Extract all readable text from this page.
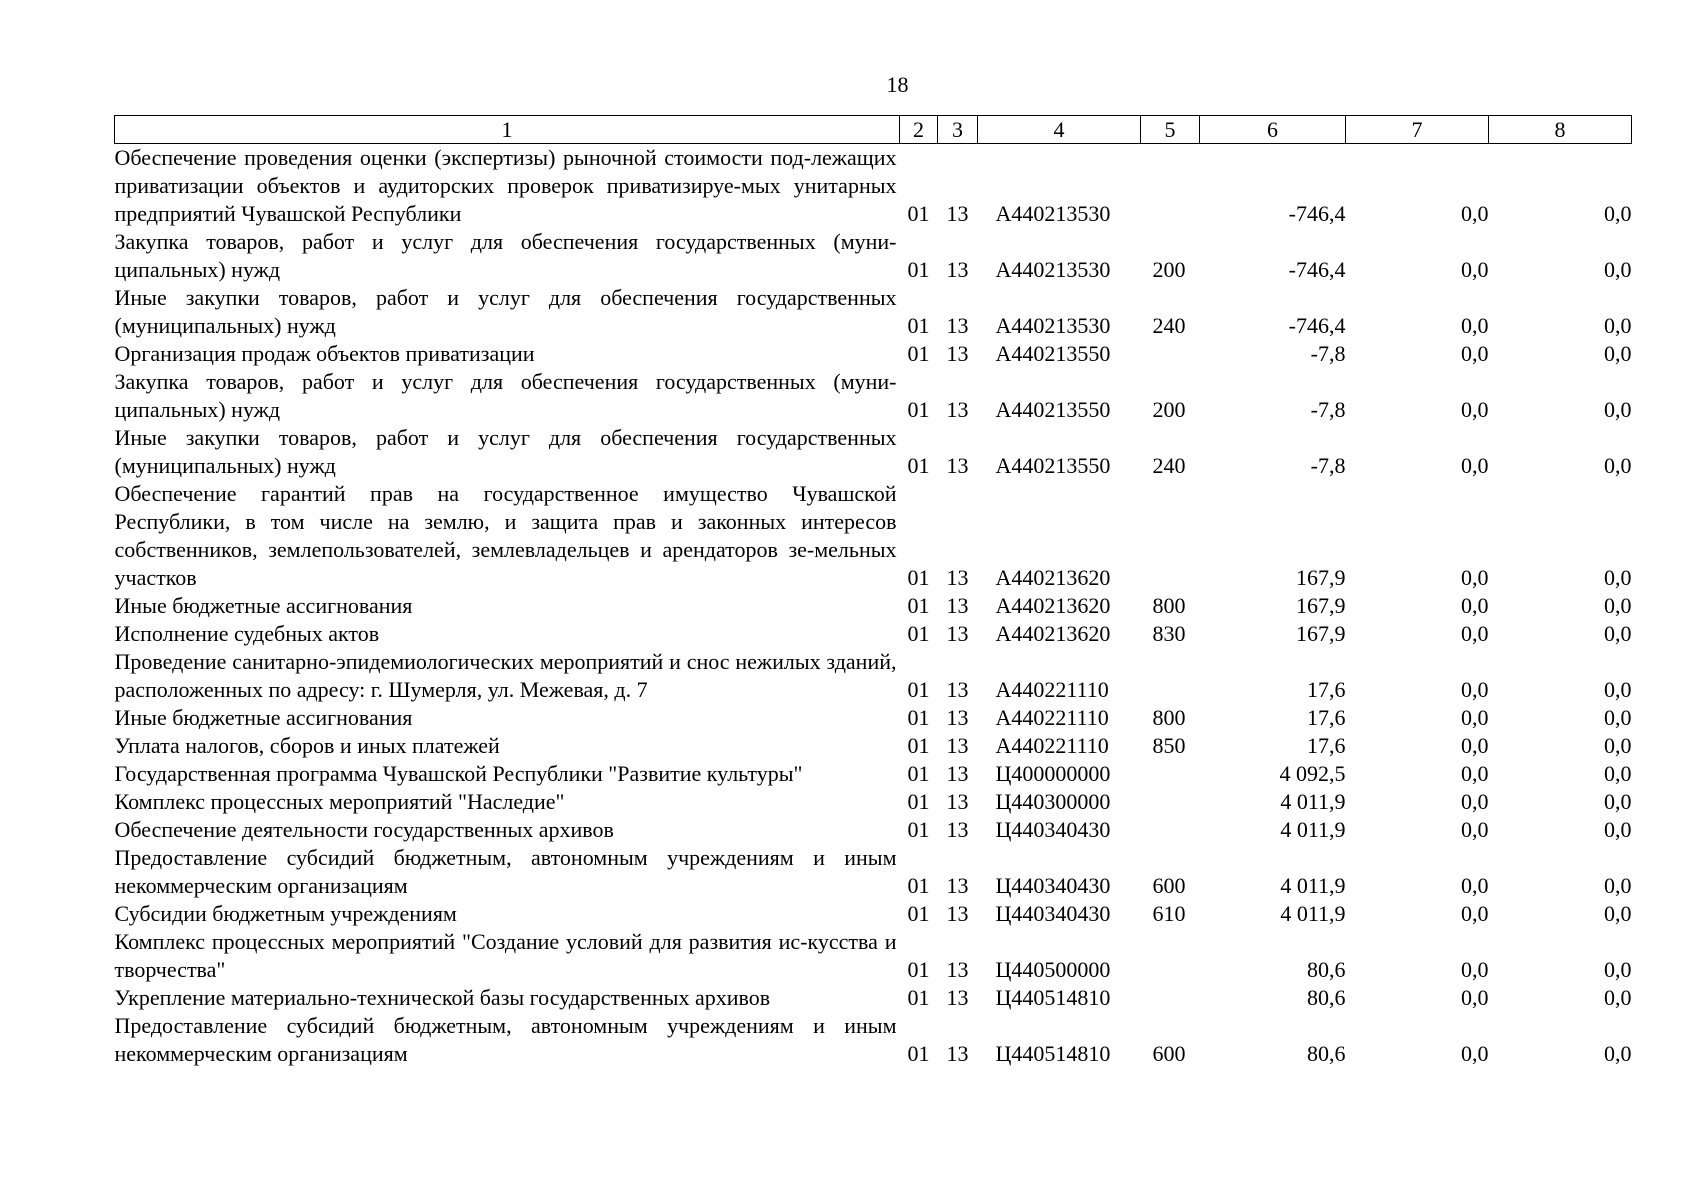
18
1	2	3	4	5	6	7	8
Обеспечение проведения оценки (экспертизы) рыночной стоимости под-лежащих приватизации объектов и аудиторских проверок приватизируе-мых унитарных предприятий Чувашской Республики	01	13	А440213530		-746,4	0,0	0,0
Закупка товаров, работ и услуг для обеспечения государственных (муни-ципальных) нужд	01	13	А440213530	200	-746,4	0,0	0,0
Иные закупки товаров, работ и услуг для обеспечения государственных (муниципальных) нужд	01	13	А440213530	240	-746,4	0,0	0,0
Организация продаж объектов приватизации	01	13	А440213550		-7,8	0,0	0,0
Закупка товаров, работ и услуг для обеспечения государственных (муни-ципальных) нужд	01	13	А440213550	200	-7,8	0,0	0,0
Иные закупки товаров, работ и услуг для обеспечения государственных (муниципальных) нужд	01	13	А440213550	240	-7,8	0,0	0,0
Обеспечение гарантий прав на государственное имущество Чувашской Республики, в том числе на землю, и защита прав и законных интересов собственников, землепользователей, землевладельцев и арендаторов зе-мельных участков	01	13	А440213620		167,9	0,0	0,0
Иные бюджетные ассигнования	01	13	А440213620	800	167,9	0,0	0,0
Исполнение судебных актов	01	13	А440213620	830	167,9	0,0	0,0
Проведение санитарно-эпидемиологических мероприятий и снос нежилых зданий, расположенных по адресу: г. Шумерля, ул. Межевая, д. 7	01	13	А440221110		17,6	0,0	0,0
Иные бюджетные ассигнования	01	13	А440221110	800	17,6	0,0	0,0
Уплата налогов, сборов и иных платежей	01	13	А440221110	850	17,6	0,0	0,0
Государственная программа Чувашской Республики "Развитие культуры"	01	13	Ц400000000		4 092,5	0,0	0,0
Комплекс процессных мероприятий "Наследие"	01	13	Ц440300000		4 011,9	0,0	0,0
Обеспечение деятельности государственных архивов	01	13	Ц440340430		4 011,9	0,0	0,0
Предоставление субсидий бюджетным, автономным учреждениям и иным некоммерческим организациям	01	13	Ц440340430	600	4 011,9	0,0	0,0
Субсидии бюджетным учреждениям	01	13	Ц440340430	610	4 011,9	0,0	0,0
Комплекс процессных мероприятий "Создание условий для развития ис-кусства и творчества"	01	13	Ц440500000		80,6	0,0	0,0
Укрепление материально-технической базы государственных архивов	01	13	Ц440514810		80,6	0,0	0,0
Предоставление субсидий бюджетным, автономным учреждениям и иным некоммерческим организациям	01	13	Ц440514810	600	80,6	0,0	0,0
